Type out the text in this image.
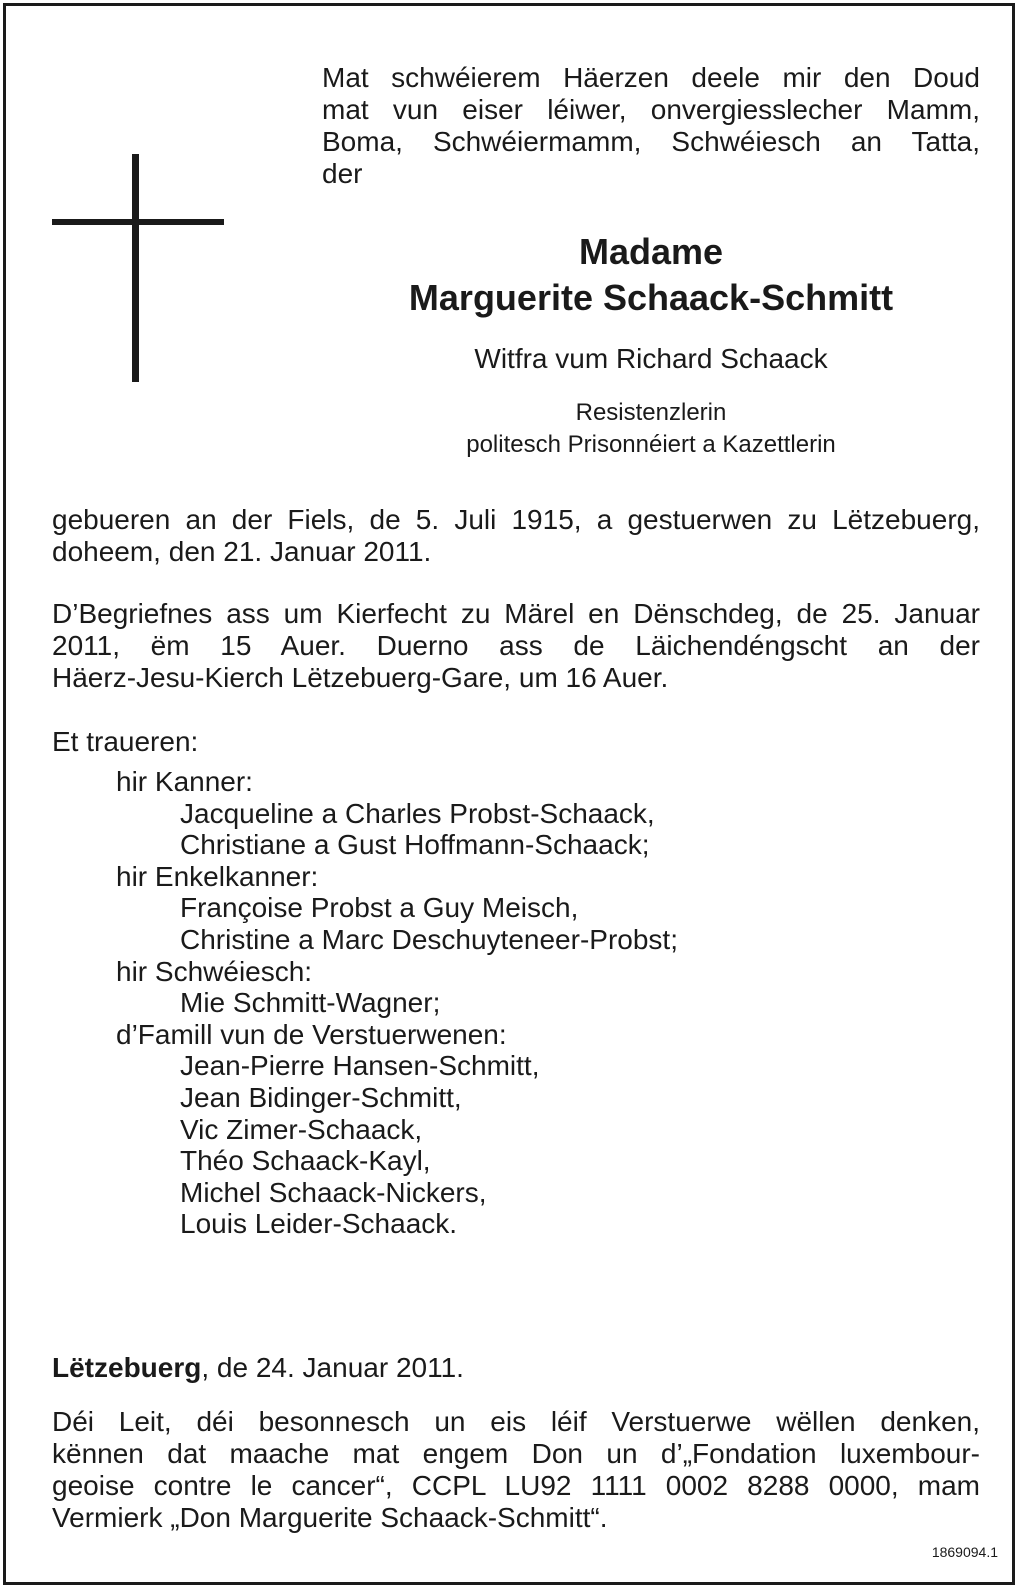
Mat schwéierem Häerzen deele mir den Doud
mat vun eiser léiwer, onvergiesslecher Mamm,
Boma, Schwéiermamm, Schwéiesch an Tatta,
der
Madame
Marguerite Schaack-Schmitt
Witfra vum Richard Schaack
Resistenzlerin
politesch Prisonnéiert a Kazettlerin
gebueren an der Fiels, de 5. Juli 1915, a gestuerwen zu Lëtzebuerg,
doheem, den 21. Januar 2011.
D’Begriefnes ass um Kierfecht zu Märel en Dënschdeg, de 25. Januar
2011, ëm 15 Auer. Duerno ass de Läichendéngscht an der
Häerz-Jesu-Kierch Lëtzebuerg-Gare, um 16 Auer.
Et traueren:
hir Kanner:
Jacqueline a Charles Probst-Schaack,
Christiane a Gust Hoffmann-Schaack;
hir Enkelkanner:
Françoise Probst a Guy Meisch,
Christine a Marc Deschuyteneer-Probst;
hir Schwéiesch:
Mie Schmitt-Wagner;
d’Famill vun de Verstuerwenen:
Jean-Pierre Hansen-Schmitt,
Jean Bidinger-Schmitt,
Vic Zimer-Schaack,
Théo Schaack-Kayl,
Michel Schaack-Nickers,
Louis Leider-Schaack.
Lëtzebuerg, de 24. Januar 2011.
Déi Leit, déi besonnesch un eis léif Verstuerwe wëllen denken,
kënnen dat maache mat engem Don un d’„Fondation luxembour-
geoise contre le cancer“, CCPL LU92 1111 0002 8288 0000, mam
Vermierk „Don Marguerite Schaack-Schmitt“.
1869094.1
